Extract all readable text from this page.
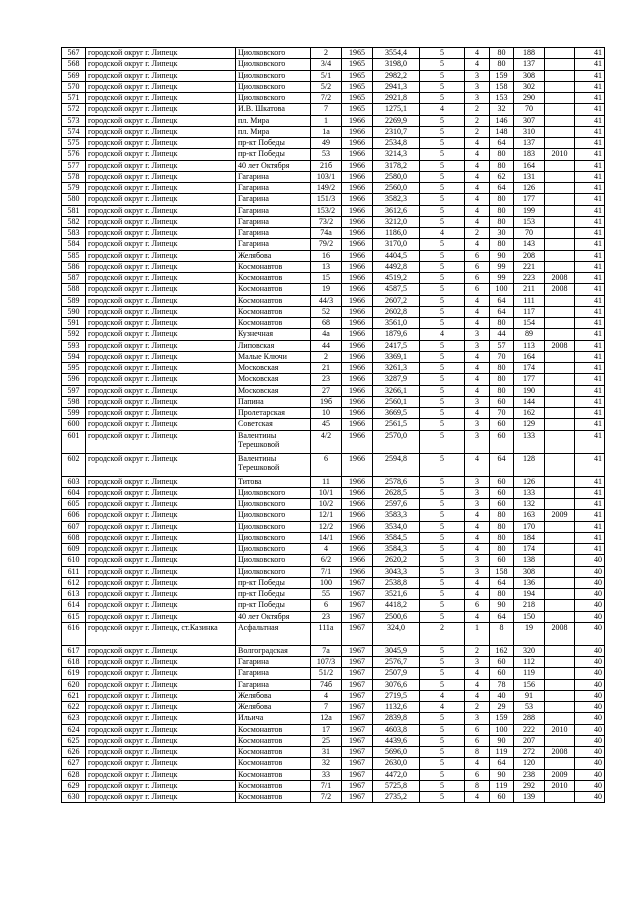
567	городской округ г. Липецк	Циолковского	2	1965	3554,4	5	4	80	188		41
568	городской округ г. Липецк	Циолковского	3/4	1965	3198,0	5	4	80	137		41
569	городской округ г. Липецк	Циолковского	5/1	1965	2982,2	5	3	159	308		41
570	городской округ г. Липецк	Циолковского	5/2	1965	2941,3	5	3	158	302		41
571	городской округ г. Липецк	Циолковского	7/2	1965	2921,8	5	3	153	290		41
572	городской округ г. Липецк	И.В. Шкатова	7	1965	1275,1	4	2	32	70		41
573	городской округ г. Липецк	пл. Мира	1	1966	2269,9	5	2	146	307		41
574	городской округ г. Липецк	пл. Мира	1а	1966	2310,7	5	2	148	310		41
575	городской округ г. Липецк	пр-кт Победы	49	1966	2534,8	5	4	64	137		41
576	городской округ г. Липецк	пр-кт Победы	53	1966	3214,3	5	4	80	183	2010	41
577	городской округ г. Липецк	40 лет Октября	21б	1966	3178,2	5	4	80	164		41
578	городской округ г. Липецк	Гагарина	103/1	1966	2580,0	5	4	62	131		41
579	городской округ г. Липецк	Гагарина	149/2	1966	2560,0	5	4	64	126		41
580	городской округ г. Липецк	Гагарина	151/3	1966	3582,3	5	4	80	177		41
581	городской округ г. Липецк	Гагарина	153/2	1966	3612,6	5	4	80	199		41
582	городской округ г. Липецк	Гагарина	73/2	1966	3212,0	5	4	80	153		41
583	городской округ г. Липецк	Гагарина	74а	1966	1186,0	4	2	30	70		41
584	городской округ г. Липецк	Гагарина	79/2	1966	3170,0	5	4	80	143		41
585	городской округ г. Липецк	Желябова	16	1966	4404,5	5	6	90	208		41
586	городской округ г. Липецк	Космонавтов	13	1966	4492,8	5	6	99	221		41
587	городской округ г. Липецк	Космонавтов	15	1966	4519,2	5	6	99	223	2008	41
588	городской округ г. Липецк	Космонавтов	19	1966	4587,5	5	6	100	211	2008	41
589	городской округ г. Липецк	Космонавтов	44/3	1966	2607,2	5	4	64	111		41
590	городской округ г. Липецк	Космонавтов	52	1966	2602,8	5	4	64	117		41
591	городской округ г. Липецк	Космонавтов	68	1966	3561,0	5	4	80	154		41
592	городской округ г. Липецк	Кузнечная	4а	1966	1879,6	4	3	44	89		41
593	городской округ г. Липецк	Липовская	44	1966	2417,5	5	3	57	113	2008	41
594	городской округ г. Липецк	Малые Ключи	2	1966	3369,1	5	4	70	164		41
595	городской округ г. Липецк	Московская	21	1966	3261,3	5	4	80	174		41
596	городской округ г. Липецк	Московская	23	1966	3287,9	5	4	80	177		41
597	городской округ г. Липецк	Московская	27	1966	3266,1	5	4	80	190		41
598	городской округ г. Липецк	Папина	19б	1966	2560,1	5	3	60	144		41
599	городской округ г. Липецк	Пролетарская	10	1966	3669,5	5	4	70	162		41
600	городской округ г. Липецк	Советская	45	1966	2561,5	5	3	60	129		41
601	городской округ г. Липецк	Валентины Терешковой	4/2	1966	2570,0	5	3	60	133		41
602	городской округ г. Липецк	Валентины Терешковой	6	1966	2594,8	5	4	64	128		41
603	городской округ г. Липецк	Титова	11	1966	2578,6	5	3	60	126		41
604	городской округ г. Липецк	Циолковского	10/1	1966	2628,5	5	3	60	133		41
605	городской округ г. Липецк	Циолковского	10/2	1966	2597,6	5	3	60	132		41
606	городской округ г. Липецк	Циолковского	12/1	1966	3583,3	5	4	80	163	2009	41
607	городской округ г. Липецк	Циолковского	12/2	1966	3534,0	5	4	80	170		41
608	городской округ г. Липецк	Циолковского	14/1	1966	3584,5	5	4	80	184		41
609	городской округ г. Липецк	Циолковского	4	1966	3584,3	5	4	80	174		41
610	городской округ г. Липецк	Циолковского	6/2	1966	2620,2	5	3	60	138		40
611	городской округ г. Липецк	Циолковского	7/1	1966	3043,3	5	3	158	308		40
612	городской округ г. Липецк	пр-кт Победы	100	1967	2538,8	5	4	64	136		40
613	городской округ г. Липецк	пр-кт Победы	55	1967	3521,6	5	4	80	194		40
614	городской округ г. Липецк	пр-кт Победы	6	1967	4418,2	5	6	90	218		40
615	городской округ г. Липецк	40 лет Октября	23	1967	2500,6	5	4	64	150		40
616	городской округ г. Липецк, ст.Казинка	Асфальтная	111а	1967	324,0	2	1	8	19	2008	40
617	городской округ г. Липецк	Волгоградская	7а	1967	3045,9	5	2	162	320		40
618	городской округ г. Липецк	Гагарина	107/3	1967	2576,7	5	3	60	112		40
619	городской округ г. Липецк	Гагарина	51/2	1967	2507,9	5	4	60	119		40
620	городской округ г. Липецк	Гагарина	74б	1967	3076,6	5	4	78	156		40
621	городской округ г. Липецк	Желябова	4	1967	2719,5	4	4	40	91		40
622	городской округ г. Липецк	Желябова	7	1967	1132,6	4	2	29	53		40
623	городской округ г. Липецк	Ильича	12а	1967	2839,8	5	3	159	288		40
624	городской округ г. Липецк	Космонавтов	17	1967	4603,8	5	6	100	222	2010	40
625	городской округ г. Липецк	Космонавтов	25	1967	4439,6	5	6	90	207		40
626	городской округ г. Липецк	Космонавтов	31	1967	5696,0	5	8	119	272	2008	40
627	городской округ г. Липецк	Космонавтов	32	1967	2630,0	5	4	64	120		40
628	городской округ г. Липецк	Космонавтов	33	1967	4472,0	5	6	90	238	2009	40
629	городской округ г. Липецк	Космонавтов	7/1	1967	5725,8	5	8	119	292	2010	40
630	городской округ г. Липецк	Космонавтов	7/2	1967	2735,2	5	4	60	139		40
